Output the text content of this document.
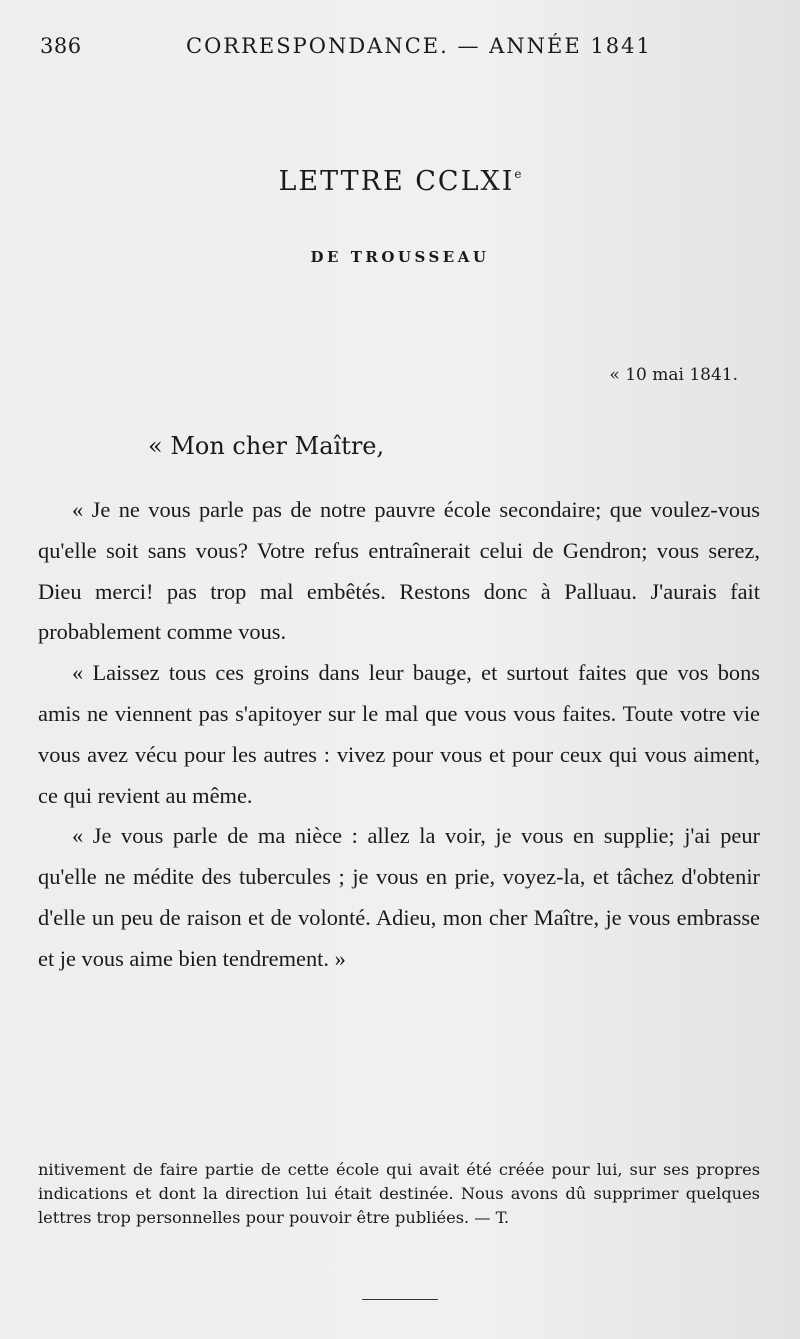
386	CORRESPONDANCE. — ANNÉE 1841
LETTRE CCLXIe
DE TROUSSEAU
« 10 mai 1841.
« Mon cher Maître,

« Je ne vous parle pas de notre pauvre école secondaire; que voulez-vous qu'elle soit sans vous? Votre refus entraînerait celui de Gendron; vous serez, Dieu merci! pas trop mal embêtés. Restons donc à Palluau. J'aurais fait probablement comme vous.

« Laissez tous ces groins dans leur bauge, et surtout faites que vos bons amis ne viennent pas s'apitoyer sur le mal que vous vous faites. Toute votre vie vous avez vécu pour les autres : vivez pour vous et pour ceux qui vous aiment, ce qui revient au même.

« Je vous parle de ma nièce : allez la voir, je vous en supplie; j'ai peur qu'elle ne médite des tubercules ; je vous en prie, voyez-la, et tâchez d'obtenir d'elle un peu de raison et de volonté. Adieu, mon cher Maître, je vous embrasse et je vous aime bien tendrement. »

nitivement de faire partie de cette école qui avait été créée pour lui, sur ses propres indications et dont la direction lui était destinée. Nous avons dû supprimer quelques lettres trop personnelles pour pouvoir être publiées. — T.
